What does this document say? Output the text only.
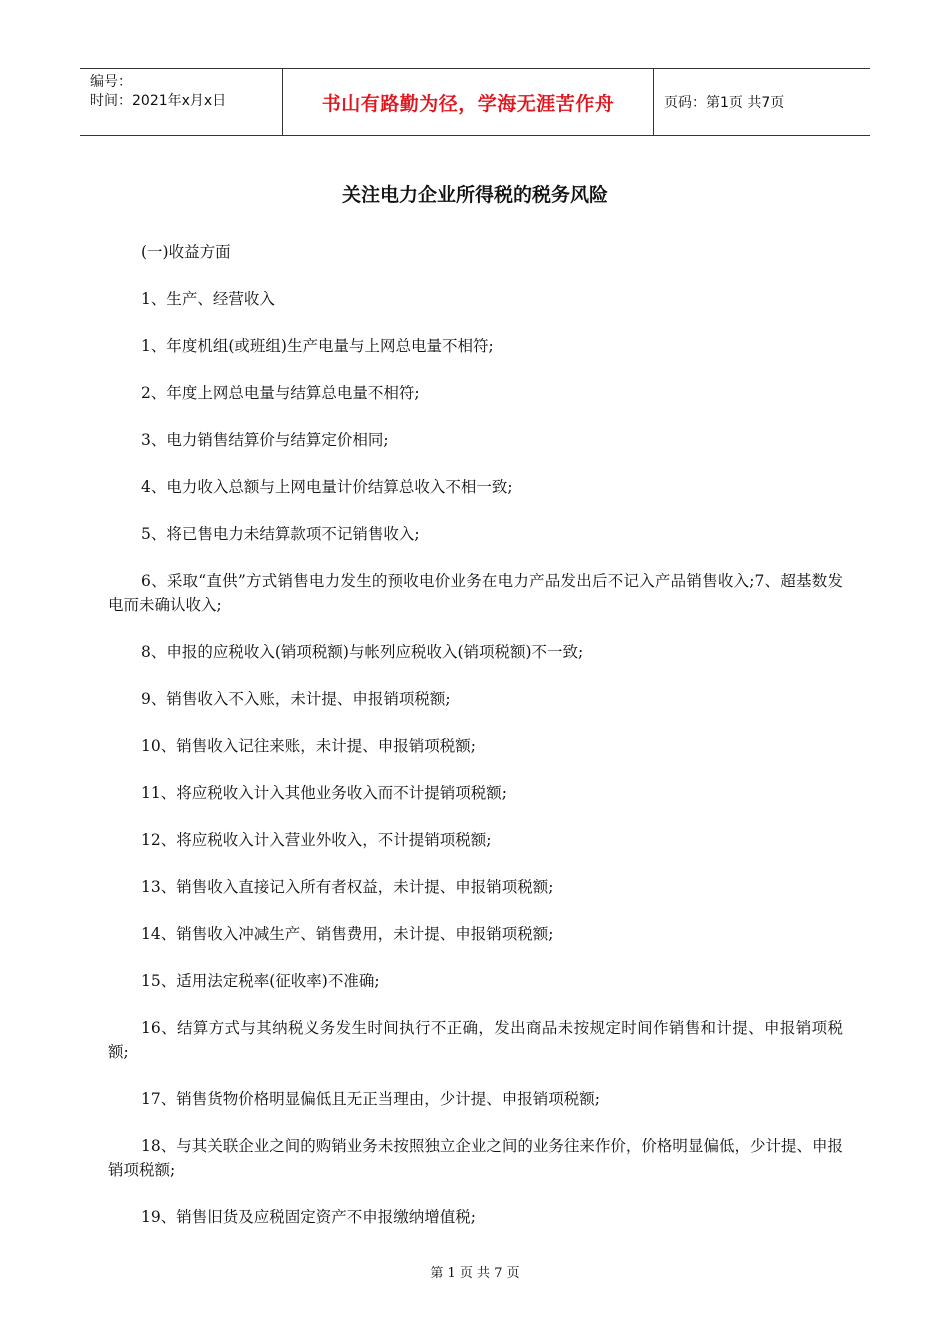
编号：
时间：2021年x月x日	书山有路勤为径，学海无涯苦作舟	页码：第1页 共7页
关注电力企业所得税的税务风险

(一)收益方面

1、生产、经营收入

1、年度机组(或班组)生产电量与上网总电量不相符;

2、年度上网总电量与结算总电量不相符;

3、电力销售结算价与结算定价相同;

4、电力收入总额与上网电量计价结算总收入不相一致;

5、将已售电力未结算款项不记销售收入;

6、采取“直供”方式销售电力发生的预收电价业务在电力产品发出后不记入产品销售收入;7、超基数发电而未确认收入;

8、申报的应税收入(销项税额)与帐列应税收入(销项税额)不一致;

9、销售收入不入账，未计提、申报销项税额;

10、销售收入记往来账，未计提、申报销项税额;

11、将应税收入计入其他业务收入而不计提销项税额;

12、将应税收入计入营业外收入，不计提销项税额;

13、销售收入直接记入所有者权益，未计提、申报销项税额;

14、销售收入冲减生产、销售费用，未计提、申报销项税额;

15、适用法定税率(征收率)不准确;

16、结算方式与其纳税义务发生时间执行不正确，发出商品未按规定时间作销售和计提、申报销项税额;

17、销售货物价格明显偏低且无正当理由，少计提、申报销项税额;

18、与其关联企业之间的购销业务未按照独立企业之间的业务往来作价，价格明显偏低，少计提、申报销项税额;

19、销售旧货及应税固定资产不申报缴纳增值税;

第 1 页 共 7 页
